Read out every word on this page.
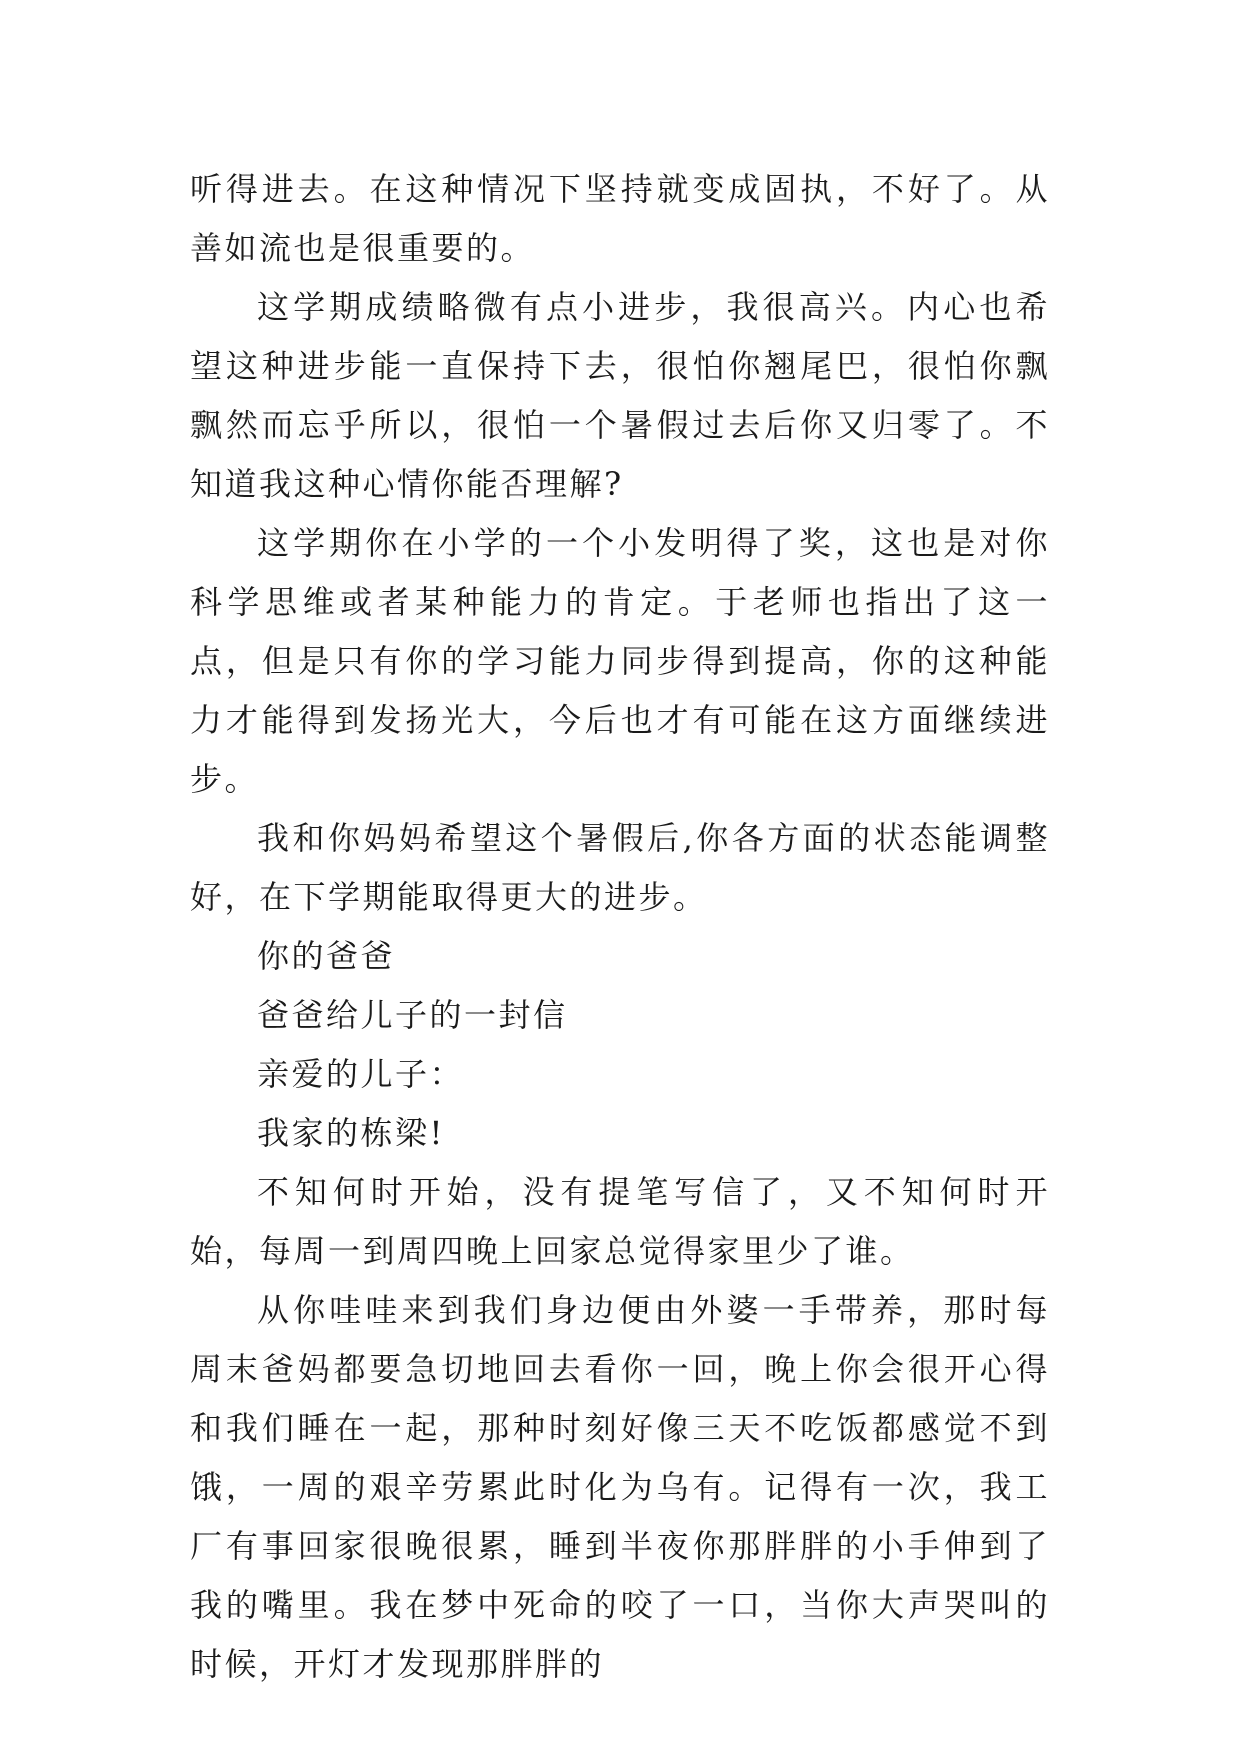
听得进去。在这种情况下坚持就变成固执，不好了。从善如流也是很重要的。

这学期成绩略微有点小进步，我很高兴。内心也希望这种进步能一直保持下去，很怕你翘尾巴，很怕你飘飘然而忘乎所以，很怕一个暑假过去后你又归零了。不知道我这种心情你能否理解?

这学期你在小学的一个小发明得了奖，这也是对你科学思维或者某种能力的肯定。于老师也指出了这一点，但是只有你的学习能力同步得到提高，你的这种能力才能得到发扬光大，今后也才有可能在这方面继续进步。

我和你妈妈希望这个暑假后,你各方面的状态能调整好，在下学期能取得更大的进步。

你的爸爸

爸爸给儿子的一封信

亲爱的儿子：

我家的栋梁!

不知何时开始，没有提笔写信了，又不知何时开始，每周一到周四晚上回家总觉得家里少了谁。

从你哇哇来到我们身边便由外婆一手带养，那时每周末爸妈都要急切地回去看你一回，晚上你会很开心得和我们睡在一起，那种时刻好像三天不吃饭都感觉不到饿，一周的艰辛劳累此时化为乌有。记得有一次，我工厂有事回家很晚很累，睡到半夜你那胖胖的小手伸到了我的嘴里。我在梦中死命的咬了一口，当你大声哭叫的时候，开灯才发现那胖胖的
